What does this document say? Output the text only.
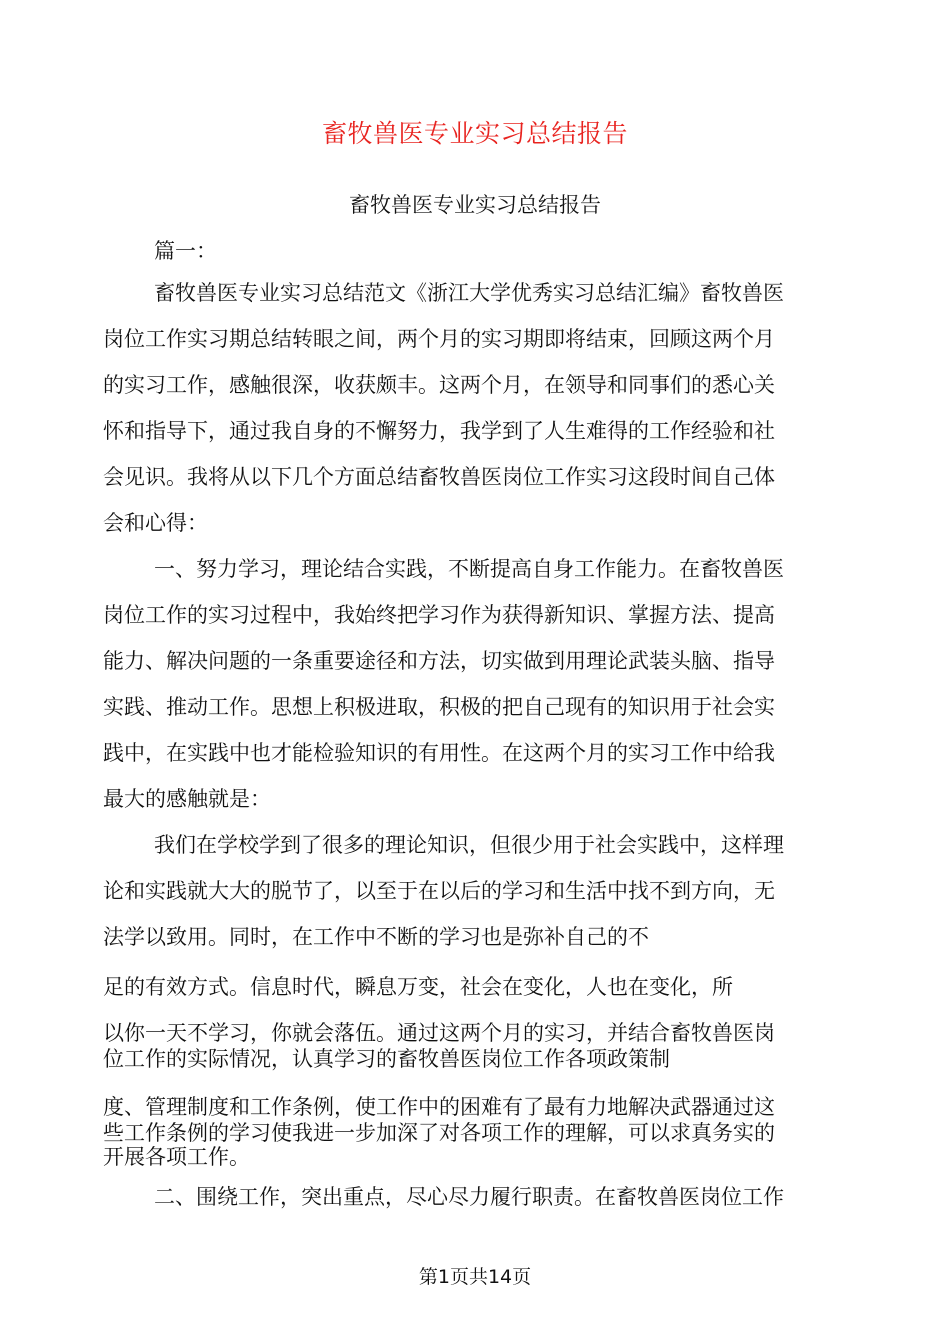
畜牧兽医专业实习总结报告
畜牧兽医专业实习总结报告
篇一：
畜牧兽医专业实习总结范文《浙江大学优秀实习总结汇编》畜牧兽医
岗位工作实习期总结转眼之间，两个月的实习期即将结束，回顾这两个月
的实习工作，感触很深，收获颇丰。这两个月，在领导和同事们的悉心关
怀和指导下，通过我自身的不懈努力，我学到了人生难得的工作经验和社
会见识。我将从以下几个方面总结畜牧兽医岗位工作实习这段时间自己体
会和心得：
一、努力学习，理论结合实践，不断提高自身工作能力。在畜牧兽医
岗位工作的实习过程中，我始终把学习作为获得新知识、掌握方法、提高
能力、解决问题的一条重要途径和方法，切实做到用理论武装头脑、指导
实践、推动工作。思想上积极进取，积极的把自己现有的知识用于社会实
践中，在实践中也才能检验知识的有用性。在这两个月的实习工作中给我
最大的感触就是：
我们在学校学到了很多的理论知识，但很少用于社会实践中，这样理
论和实践就大大的脱节了，以至于在以后的学习和生活中找不到方向，无
法学以致用。同时，在工作中不断的学习也是弥补自己的不
足的有效方式。信息时代，瞬息万变，社会在变化，人也在变化，所
以你一天不学习，你就会落伍。通过这两个月的实习，并结合畜牧兽医岗
位工作的实际情况，认真学习的畜牧兽医岗位工作各项政策制
度、管理制度和工作条例，使工作中的困难有了最有力地解决武器通过这
些工作条例的学习使我进一步加深了对各项工作的理解，可以求真务实的
开展各项工作。
二、围绕工作，突出重点，尽心尽力履行职责。在畜牧兽医岗位工作
第1页共14页
